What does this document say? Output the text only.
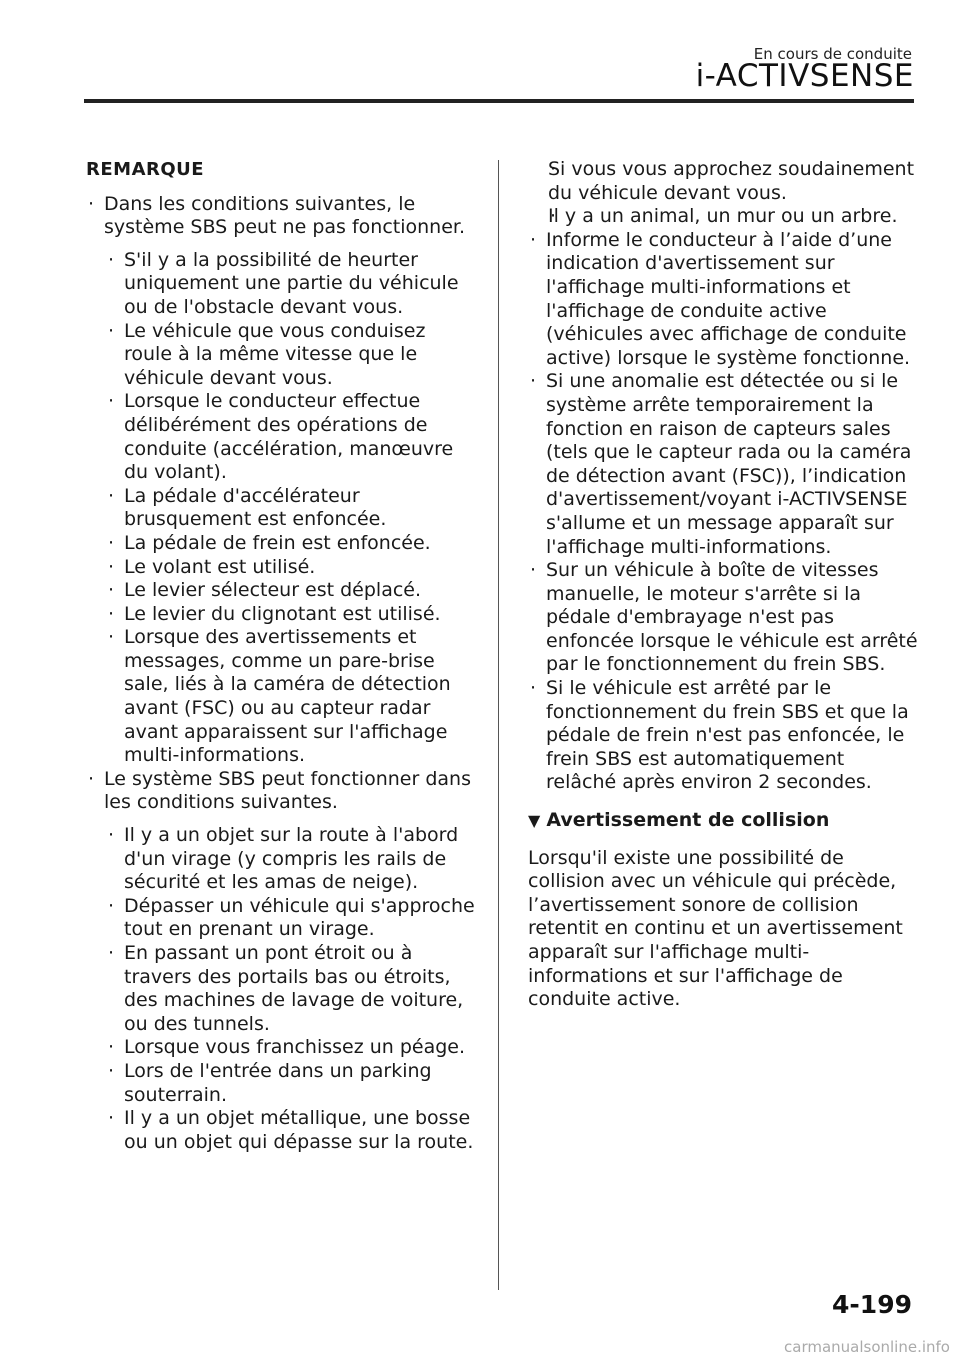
En cours de conduite
i-ACTIVSENSE
REMARQUE
· Dans les conditions suivantes, le système SBS peut ne pas fonctionner.
· S'il y a la possibilité de heurter uniquement une partie du véhicule ou de l'obstacle devant vous.
· Le véhicule que vous conduisez roule à la même vitesse que le véhicule devant vous.
· Lorsque le conducteur effectue délibérément des opérations de conduite (accélération, manœuvre du volant).
· La pédale d'accélérateur brusquement est enfoncée.
· La pédale de frein est enfoncée.
· Le volant est utilisé.
· Le levier sélecteur est déplacé.
· Le levier du clignotant est utilisé.
· Lorsque des avertissements et messages, comme un pare-brise sale, liés à la caméra de détection avant (FSC) ou au capteur radar avant apparaissent sur l'affichage multi-informations.
· Le système SBS peut fonctionner dans les conditions suivantes.
· Il y a un objet sur la route à l'abord d'un virage (y compris les rails de sécurité et les amas de neige).
· Dépasser un véhicule qui s'approche tout en prenant un virage.
· En passant un pont étroit ou à travers des portails bas ou étroits, des machines de lavage de voiture, ou des tunnels.
· Lorsque vous franchissez un péage.
· Lors de l'entrée dans un parking souterrain.
· Il y a un objet métallique, une bosse ou un objet qui dépasse sur la route.
· Si vous vous approchez soudainement du véhicule devant vous.
· Il y a un animal, un mur ou un arbre.
· Informe le conducteur à l’aide d’une indication d'avertissement sur l'affichage multi-informations et l'affichage de conduite active (véhicules avec affichage de conduite active) lorsque le système fonctionne.
· Si une anomalie est détectée ou si le système arrête temporairement la fonction en raison de capteurs sales (tels que le capteur rada ou la caméra de détection avant (FSC)), l’indication d'avertissement/voyant i-ACTIVSENSE s'allume et un message apparaît sur l'affichage multi-informations.
· Sur un véhicule à boîte de vitesses manuelle, le moteur s'arrête si la pédale d'embrayage n'est pas enfoncée lorsque le véhicule est arrêté par le fonctionnement du frein SBS.
· Si le véhicule est arrêté par le fonctionnement du frein SBS et que la pédale de frein n'est pas enfoncée, le frein SBS est automatiquement relâché après environ 2 secondes.
▼ Avertissement de collision

Lorsqu'il existe une possibilité de collision avec un véhicule qui précède, l’avertissement sonore de collision retentit en continu et un avertissement apparaît sur l'affichage multi-informations et sur l'affichage de conduite active.

4-199
carmanualsonline.info
